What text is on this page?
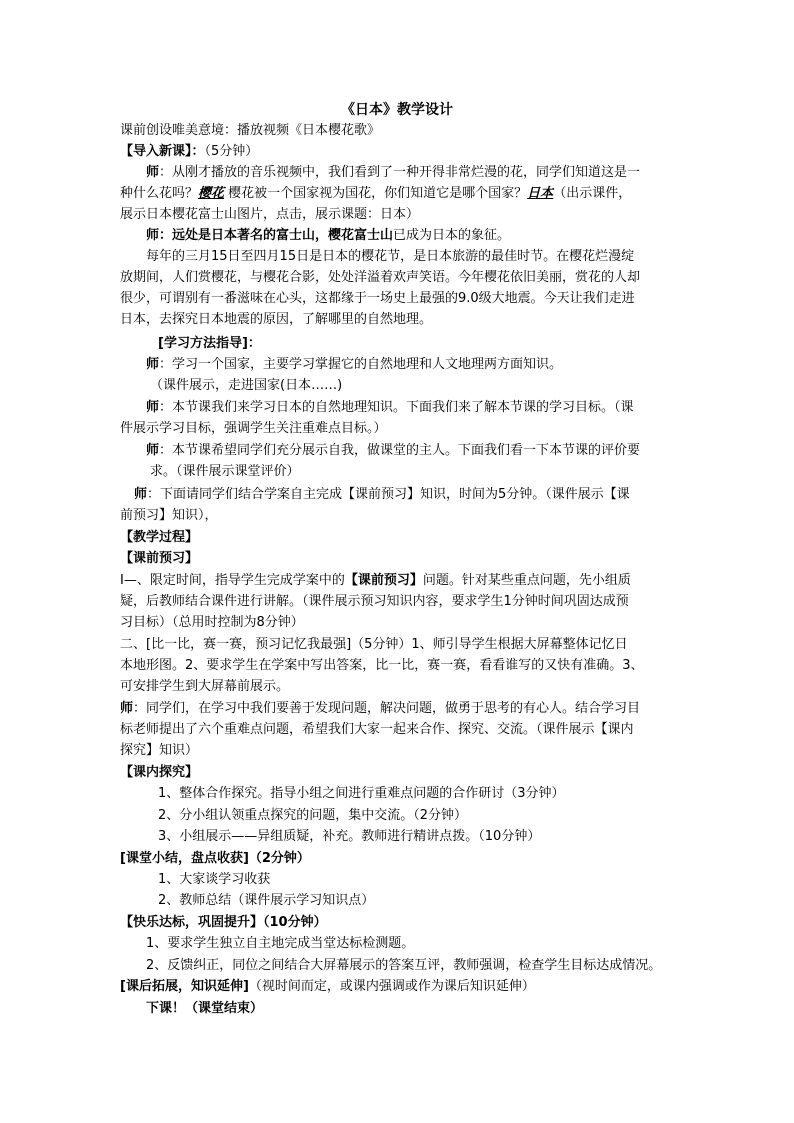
《日本》教学设计
课前创设唯美意境：播放视频《日本樱花歌》
【导入新课】：（5分钟）
师：从刚才播放的音乐视频中，我们看到了一种开得非常烂漫的花，同学们知道这是一
种什么花吗？樱花 樱花被一个国家视为国花，你们知道它是哪个国家？日本（出示课件，
展示日本樱花富士山图片，点击，展示课题：日本）
师：远处是日本著名的富士山，樱花富士山已成为日本的象征。
每年的三月15日至四月15日是日本的樱花节，是日本旅游的最佳时节。在樱花烂漫绽
放期间，人们赏樱花，与樱花合影，处处洋溢着欢声笑语。今年樱花依旧美丽，赏花的人却
很少，可谓别有一番滋味在心头，这都缘于一场史上最强的9.0级大地震。今天让我们走进
日本，去探究日本地震的原因，了解哪里的自然地理。
[学习方法指导]：
师：学习一个国家，主要学习掌握它的自然地理和人文地理两方面知识。
（课件展示，走进国家(日本……)
师：本节课我们来学习日本的自然地理知识。下面我们来了解本节课的学习目标。（课
件展示学习目标，强调学生关注重难点目标。）
师：本节课希望同学们充分展示自我，做课堂的主人。下面我们看一下本节课的评价要
求。（课件展示课堂评价）
师：下面请同学们结合学案自主完成【课前预习】知识，时间为5分钟。（课件展示【课
前预习】知识），
【教学过程】
【课前预习】
Ⅰ—、限定时间，指导学生完成学案中的【课前预习】问题。针对某些重点问题，先小组质
疑，后教师结合课件进行讲解。（课件展示预习知识内容，要求学生1分钟时间巩固达成预
习目标）（总用时控制为8分钟）
二、[比一比，赛一赛，预习记忆我最强]（5分钟）1、师引导学生根据大屏幕整体记忆日
本地形图。2、要求学生在学案中写出答案，比一比，赛一赛，看看谁写的又快有准确。3、
可安排学生到大屏幕前展示。
师：同学们，在学习中我们要善于发现问题，解决问题，做勇于思考的有心人。结合学习目
标老师提出了六个重难点问题，希望我们大家一起来合作、探究、交流。（课件展示【课内
探究】知识）
【课内探究】
1、整体合作探究。指导小组之间进行重难点问题的合作研讨（3分钟）
2、分小组认领重点探究的问题，集中交流。（2分钟）
3、小组展示——异组质疑，补充。教师进行精讲点拨。（10分钟）
[课堂小结，盘点收获]（2分钟）
1、大家谈学习收获
2、教师总结（课件展示学习知识点）
【快乐达标，巩固提升】（10分钟）
1、要求学生独立自主地完成当堂达标检测题。
2、反馈纠正，同位之间结合大屏幕展示的答案互评，教师强调，检查学生目标达成情况。
[课后拓展，知识延伸]（视时间而定，或课内强调或作为课后知识延伸）
下课！（课堂结束）
